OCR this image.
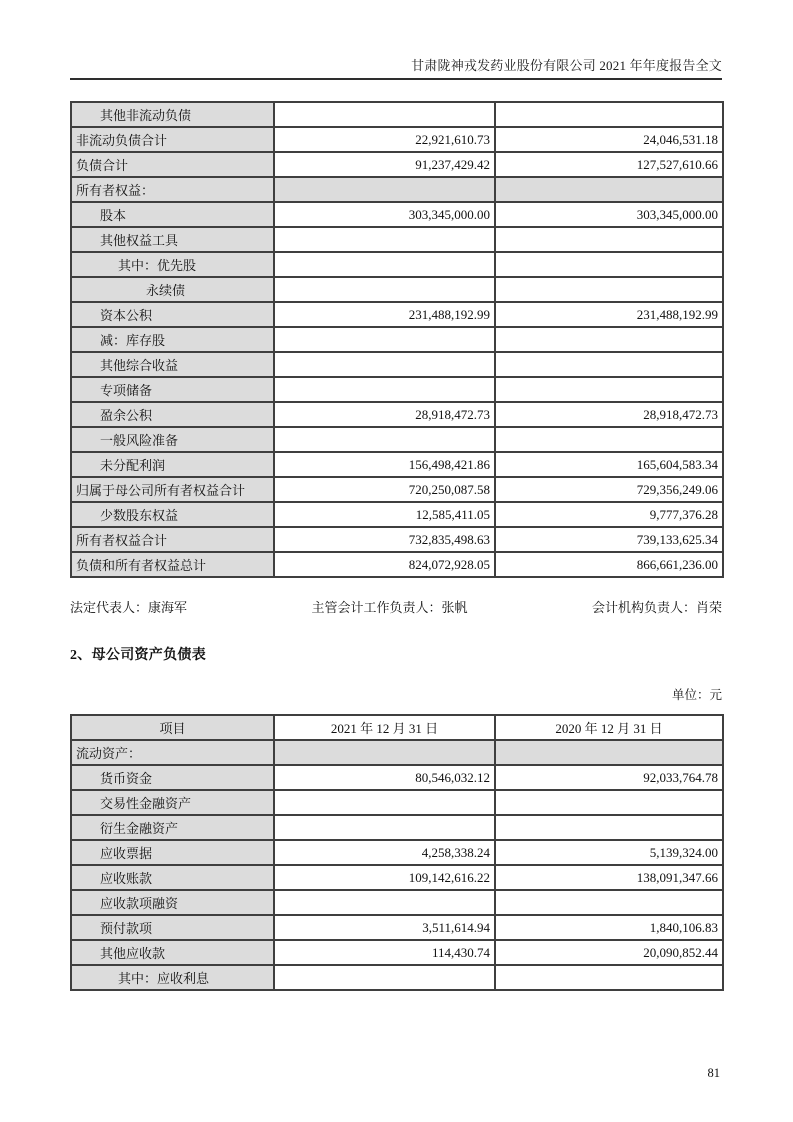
甘肃陇神戎发药业股份有限公司 2021 年年度报告全文
其他非流动负债		
非流动负债合计	22,921,610.73	24,046,531.18
负债合计	91,237,429.42	127,527,610.66
所有者权益：		
股本	303,345,000.00	303,345,000.00
其他权益工具		
其中：优先股		
永续债		
资本公积	231,488,192.99	231,488,192.99
减：库存股		
其他综合收益		
专项储备		
盈余公积	28,918,472.73	28,918,472.73
一般风险准备		
未分配利润	156,498,421.86	165,604,583.34
归属于母公司所有者权益合计	720,250,087.58	729,356,249.06
少数股东权益	12,585,411.05	9,777,376.28
所有者权益合计	732,835,498.63	739,133,625.34
负债和所有者权益总计	824,072,928.05	866,661,236.00
法定代表人：康海军	主管会计工作负责人：张帆	会计机构负责人：肖荣
2、母公司资产负债表
单位：元
项目	2021 年 12 月 31 日	2020 年 12 月 31 日
流动资产：		
货币资金	80,546,032.12	92,033,764.78
交易性金融资产		
衍生金融资产		
应收票据	4,258,338.24	5,139,324.00
应收账款	109,142,616.22	138,091,347.66
应收款项融资		
预付款项	3,511,614.94	1,840,106.83
其他应收款	114,430.74	20,090,852.44
其中：应收利息		
81
